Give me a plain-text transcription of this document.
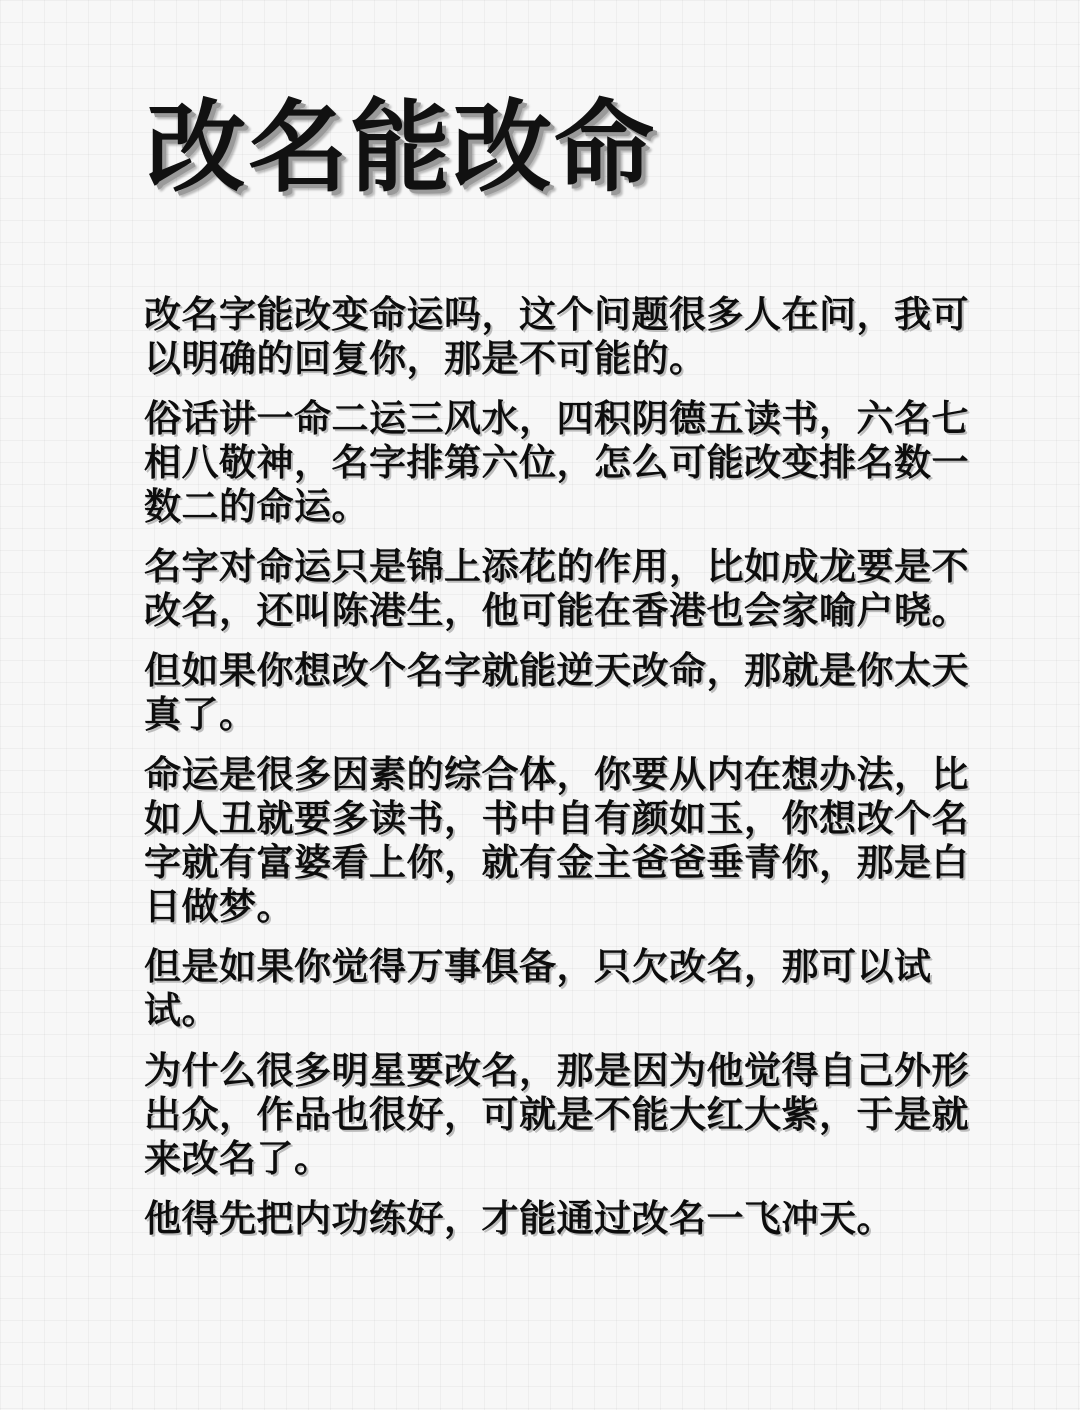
改名能改命

改名字能改变命运吗，这个问题很多人在问，我可以明确的回复你，那是不可能的。

俗话讲一命二运三风水，四积阴德五读书，六名七相八敬神，名字排第六位，怎么可能改变排名数一数二的命运。

名字对命运只是锦上添花的作用，比如成龙要是不改名，还叫陈港生，他可能在香港也会家喻户晓。

但如果你想改个名字就能逆天改命，那就是你太天真了。

命运是很多因素的综合体，你要从内在想办法，比如人丑就要多读书，书中自有颜如玉，你想改个名字就有富婆看上你，就有金主爸爸垂青你，那是白日做梦。

但是如果你觉得万事俱备，只欠改名，那可以试试。

为什么很多明星要改名，那是因为他觉得自己外形出众，作品也很好，可就是不能大红大紫，于是就来改名了。

他得先把内功练好，才能通过改名一飞冲天。
